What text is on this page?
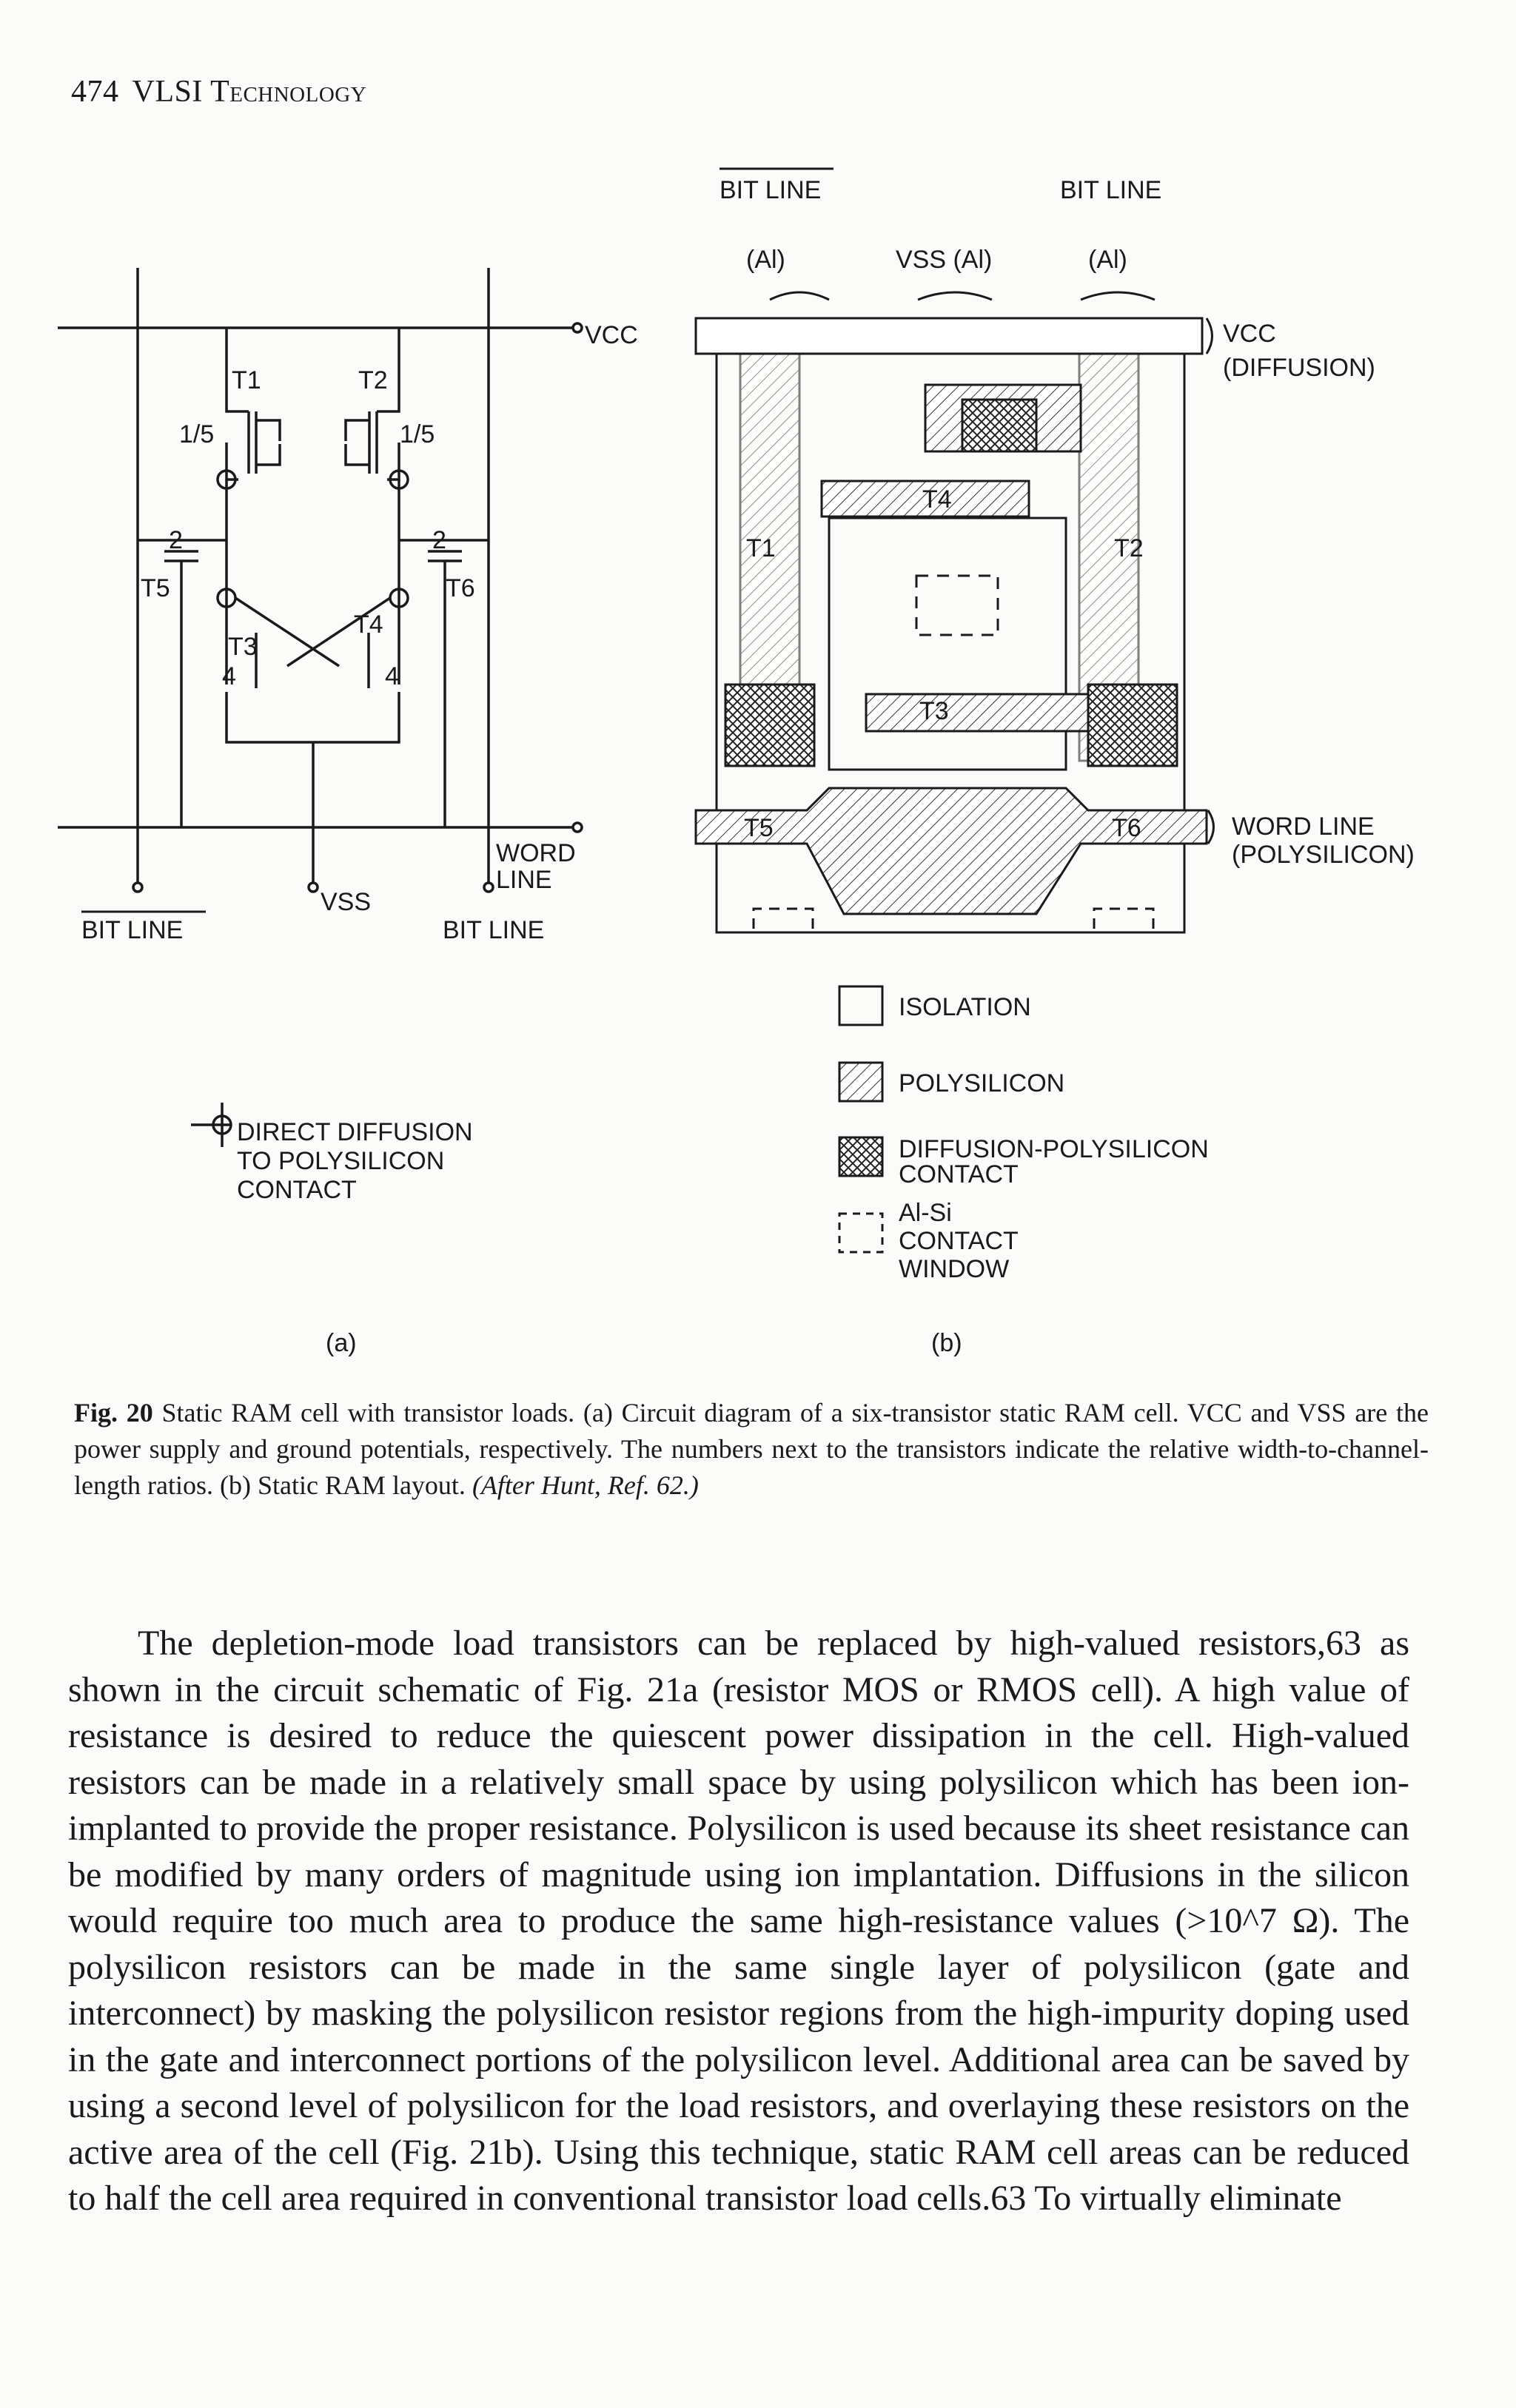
474 VLSI Technology
VCC
T1	T2
T3
T4
T5	T6
1/5	1/5
2	2
4	4
WORD
LINE
VSS
BIT LINE	BIT LINE
DIRECT DIFFUSION
TO POLYSILICON
CONTACT
(a)
BIT LINE	BIT LINE
(Al)	VSS (Al)	(Al)
VCC
(DIFFUSION)
WORD LINE
(POLYSILICON)
T1	T2
T3
T4
T5	T6
ISOLATION
POLYSILICON
DIFFUSION-POLYSILICON
CONTACT
Al-Si
CONTACT
WINDOW
(b)
Fig. 20 Static RAM cell with transistor loads. (a) Circuit diagram of a six-transistor static RAM cell. VCC and VSS are the power supply and ground potentials, respectively. The numbers next to the transistors indicate the relative width-to-channel-length ratios. (b) Static RAM layout. (After Hunt, Ref. 62.)
The depletion-mode load transistors can be replaced by high-valued resistors,63 as shown in the circuit schematic of Fig. 21a (resistor MOS or RMOS cell). A high value of resistance is desired to reduce the quiescent power dissipation in the cell. High-valued resistors can be made in a relatively small space by using polysilicon which has been ion-implanted to provide the proper resistance. Polysilicon is used because its sheet resistance can be modified by many orders of magnitude using ion implantation. Diffusions in the silicon would require too much area to produce the same high-resistance values (>10^7 Ω). The polysilicon resistors can be made in the same single layer of polysilicon (gate and interconnect) by masking the polysilicon resistor regions from the high-impurity doping used in the gate and interconnect portions of the polysilicon level. Additional area can be saved by using a second level of polysilicon for the load resistors, and overlaying these resistors on the active area of the cell (Fig. 21b). Using this technique, static RAM cell areas can be reduced to half the cell area required in conventional transistor load cells.63 To virtually eliminate
